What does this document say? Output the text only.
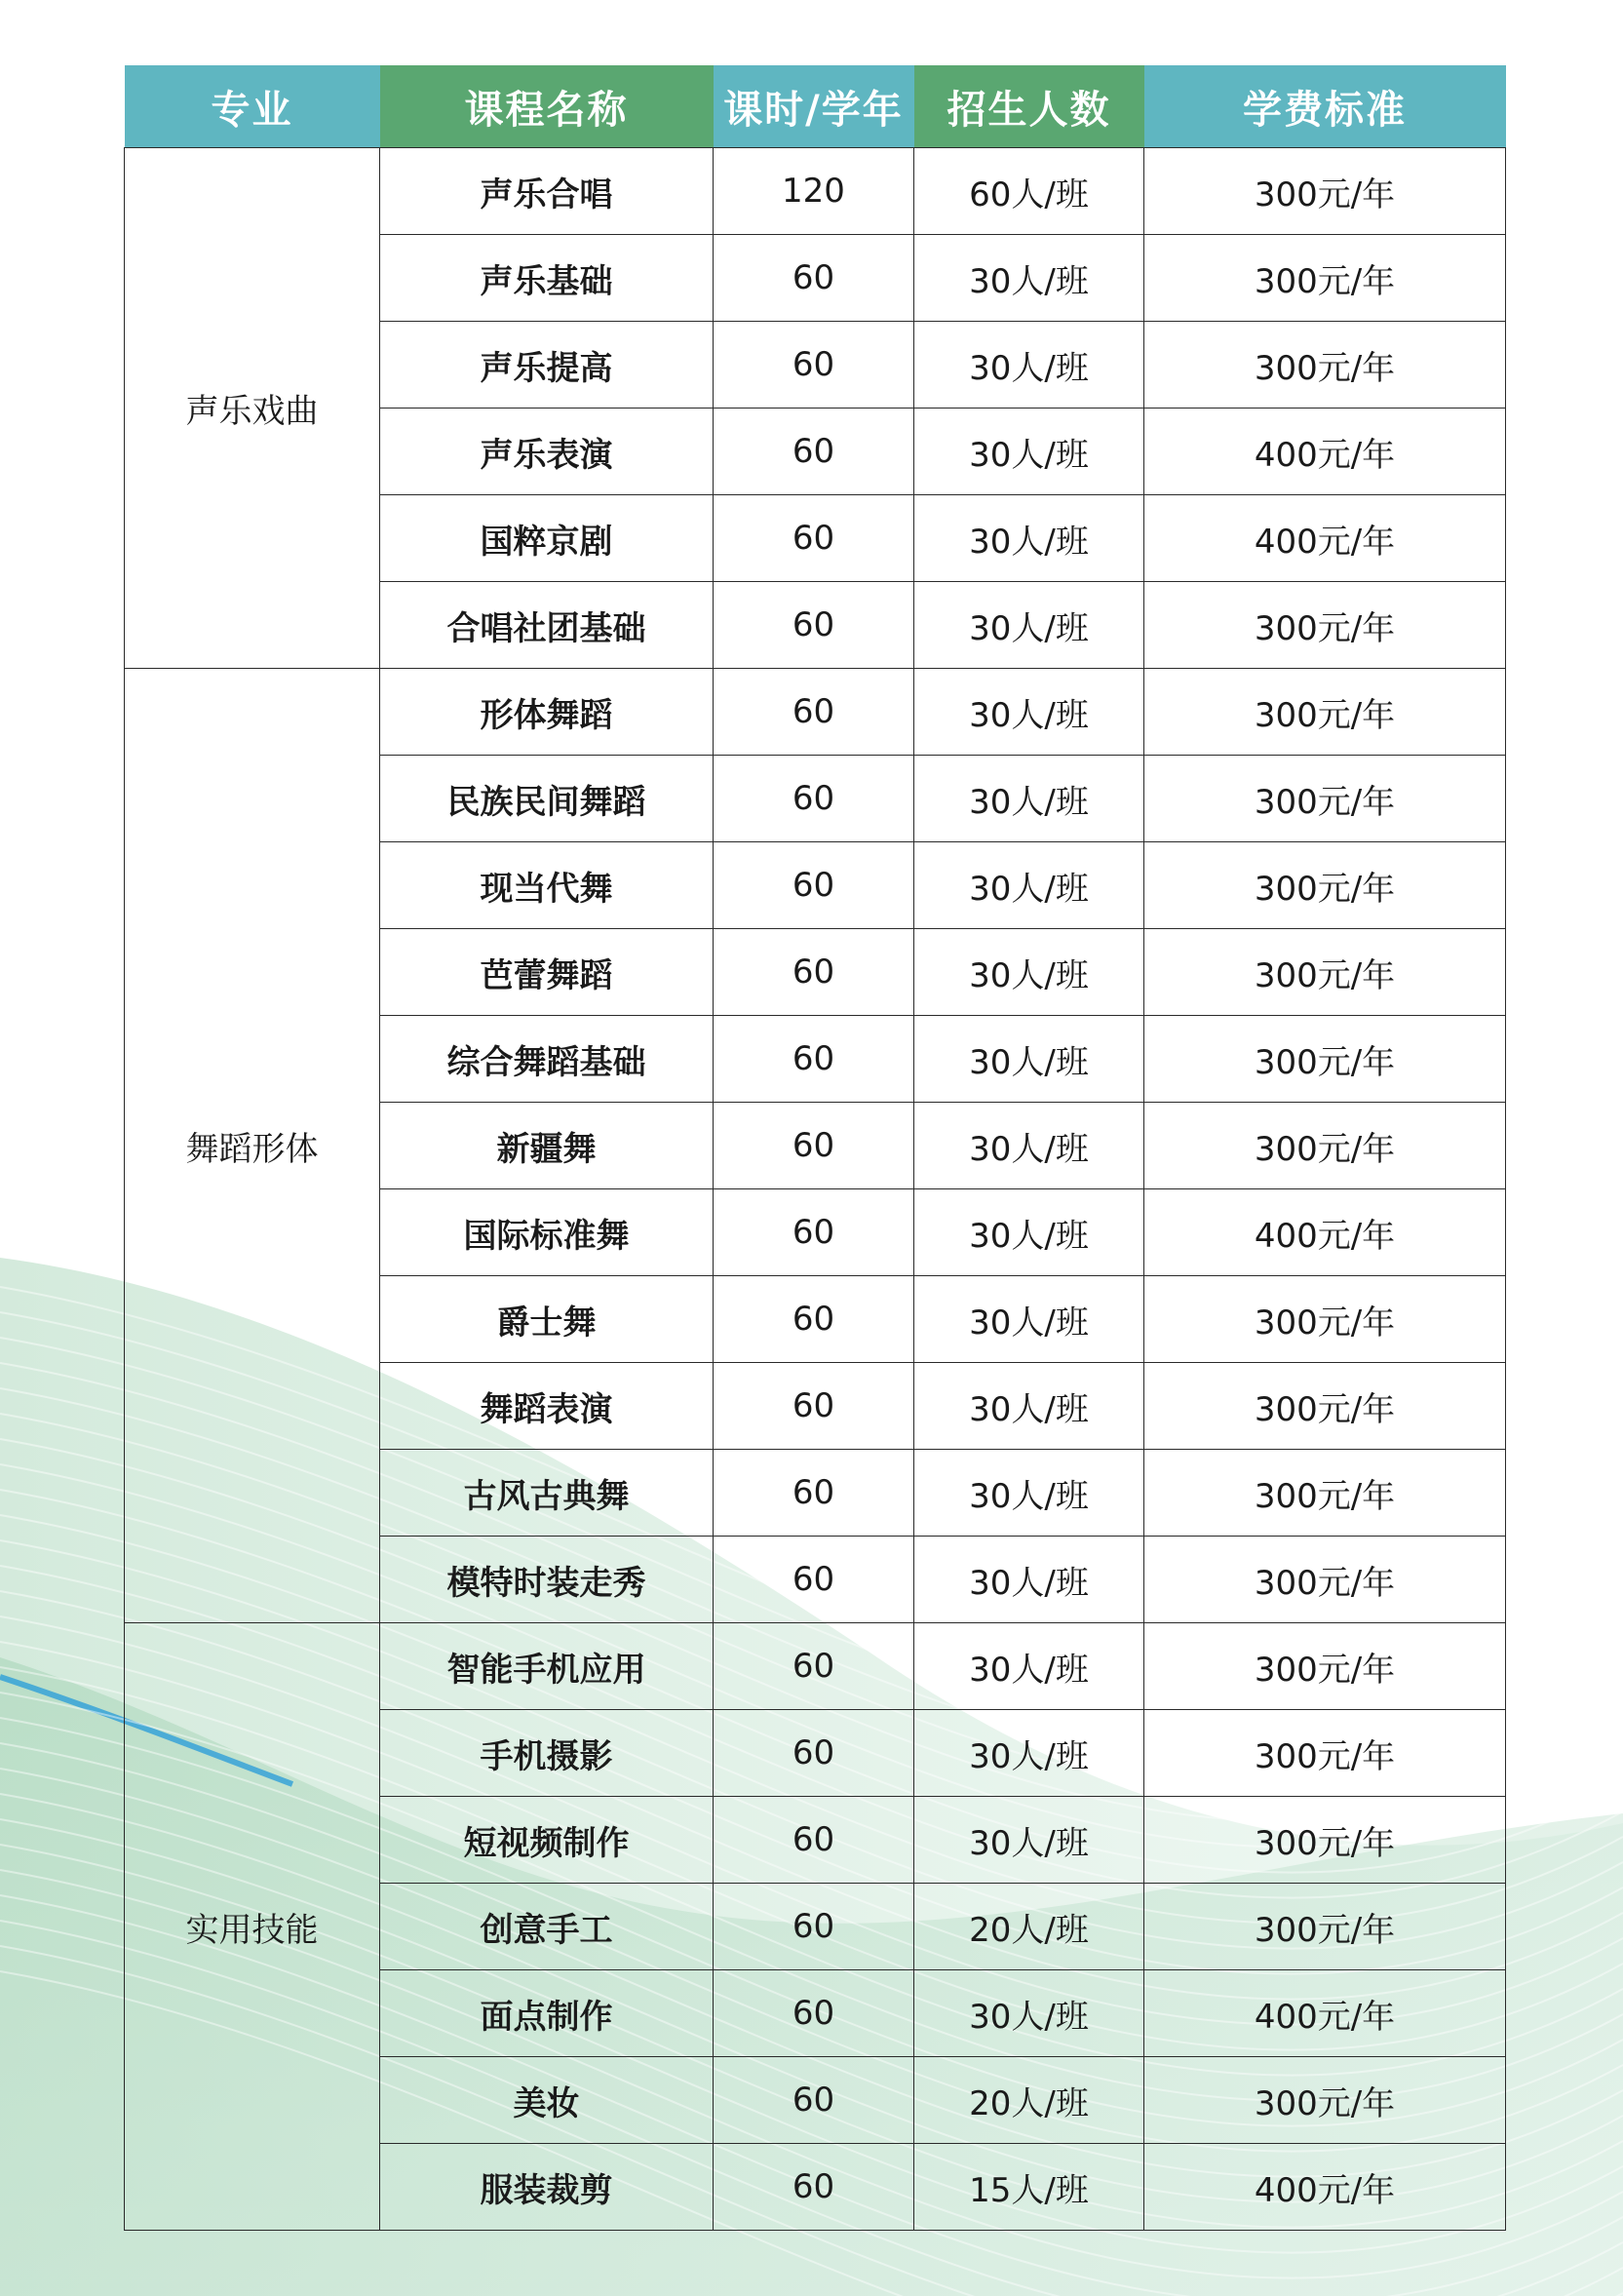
专业	课程名称	课时/学年	招生人数	学费标准
声乐戏曲	声乐合唱	120	60人/班	300元/年
	声乐基础	60	30人/班	300元/年
	声乐提高	60	30人/班	300元/年
	声乐表演	60	30人/班	400元/年
	国粹京剧	60	30人/班	400元/年
	合唱社团基础	60	30人/班	300元/年
舞蹈形体	形体舞蹈	60	30人/班	300元/年
	民族民间舞蹈	60	30人/班	300元/年
	现当代舞	60	30人/班	300元/年
	芭蕾舞蹈	60	30人/班	300元/年
	综合舞蹈基础	60	30人/班	300元/年
	新疆舞	60	30人/班	300元/年
	国际标准舞	60	30人/班	400元/年
	爵士舞	60	30人/班	300元/年
	舞蹈表演	60	30人/班	300元/年
	古风古典舞	60	30人/班	300元/年
	模特时装走秀	60	30人/班	300元/年
实用技能	智能手机应用	60	30人/班	300元/年
	手机摄影	60	30人/班	300元/年
	短视频制作	60	30人/班	300元/年
	创意手工	60	20人/班	300元/年
	面点制作	60	30人/班	400元/年
	美妆	60	20人/班	300元/年
	服装裁剪	60	15人/班	400元/年
